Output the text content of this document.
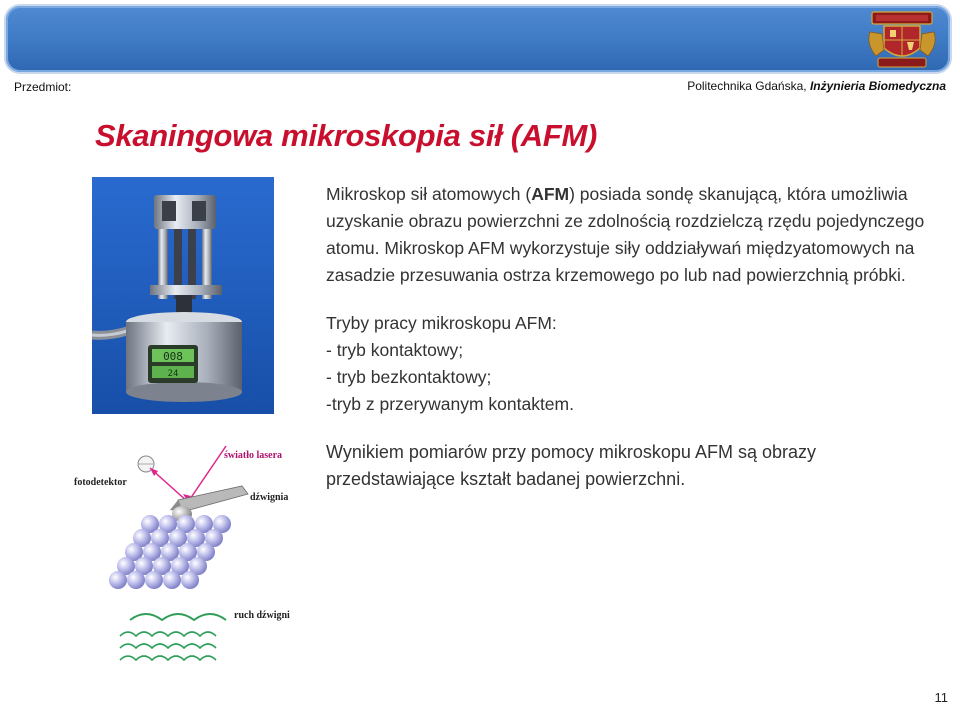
Przedmiot:	Politechnika Gdańska, Inżynieria Biomedyczna
Skaningowa mikroskopia sił (AFM)
008
24
światło lasera
fotodetektor
dźwignia
ruch dźwigni

Mikroskop sił atomowych (AFM) posiada sondę skanującą, która umożliwia uzyskanie obrazu powierzchni ze zdolnością rozdzielczą rzędu pojedynczego atomu. Mikroskop AFM wykorzystuje siły oddziaływań międzyatomowych na zasadzie przesuwania ostrza krzemowego po lub nad powierzchnią próbki.

Tryby pracy mikroskopu AFM:
- tryb kontaktowy;
- tryb bezkontaktowy;
-tryb z przerywanym kontaktem.

Wynikiem pomiarów przy pomocy mikroskopu AFM są obrazy przedstawiające kształt badanej powierzchni.

11
